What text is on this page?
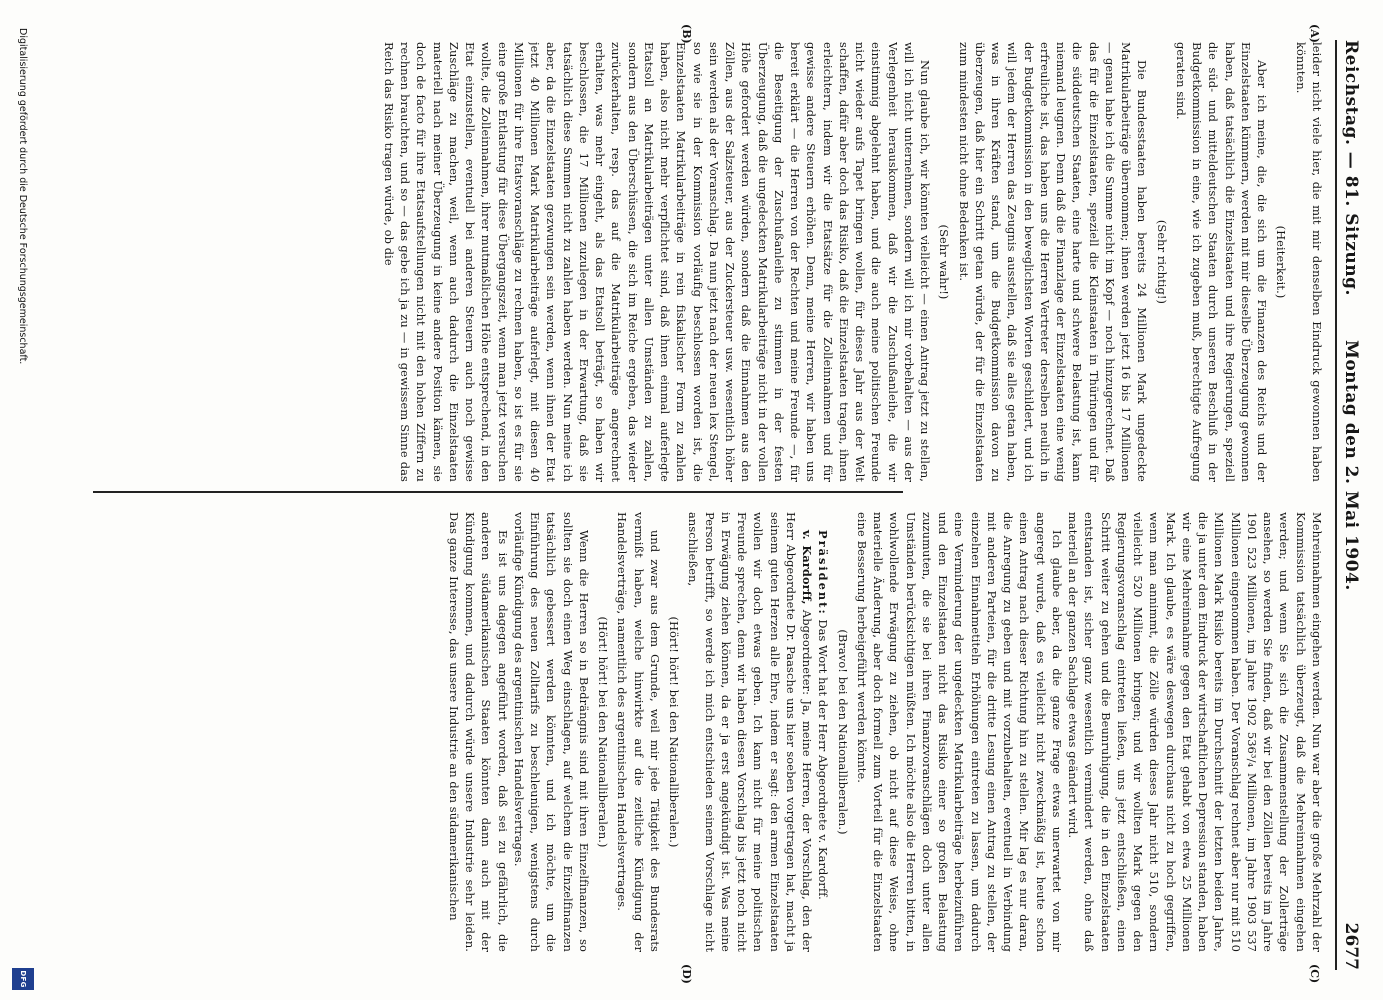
Reichstag. — 81. Sitzung.
Montag den 2. Mai 1904.
2677
(A)
(B)
(C)
(D)

leider nicht viele hier, die mit mir denselben Eindruck gewonnen haben könnten.

(Heiterkeit.)

Aber ich meine, die, die sich um die Finanzen des Reichs und der Einzelstaaten kümmern, werden mit mir dieselbe Überzeugung gewonnen haben, daß tatsächlich die Einzelstaaten und ihre Regierungen, speziell die süd- und mitteldeutschen Staaten durch unseren Beschluß in der Budgetkommission in eine, wie ich zugeben muß, berechtigte Aufregung geraten sind.

(Sehr richtig!)

Die Bundesstaaten haben bereits 24 Millionen Mark ungedeckte Matrikularbeiträge übernommen; ihnen werden jetzt 16 bis 17 Millionen — genau habe ich die Summe nicht im Kopf — noch hinzugerechnet. Daß das für die Einzelstaaten, speziell die Kleinstaaten in Thüringen und für die süddeutschen Staaten, eine harte und schwere Belastung ist, kann niemand leugnen. Denn daß die Finanzlage der Einzelstaaten eine wenig erfreuliche ist, das haben uns die Herren Vertreter derselben neulich in der Budgetkommission in den beweglichsten Worten geschildert, und ich will jedem der Herren das Zeugnis ausstellen, daß sie alles getan haben, was in ihren Kräften stand, um die Budgetkommission davon zu überzeugen, daß hier ein Schritt getan würde, der für die Einzelstaaten zum mindesten nicht ohne Bedenken ist.

(Sehr wahr!)

Nun glaube ich, wir könnten vielleicht — einen Antrag jetzt zu stellen, will ich nicht unternehmen, sondern will ich mir vorbehalten — aus der Verlegenheit herauskommen, daß wir die Zuschußanleihe, die wir einstimmig abgelehnt haben, und die auch meine politischen Freunde nicht wieder aufs Tapet bringen wollen, für dieses Jahr aus der Welt schaffen, dafür aber doch das Risiko, daß die Einzelstaaten tragen, ihnen erleichtern, indem wir die Etatsätze für die Zolleinnahmen und für gewisse andere Steuern erhöhen. Denn, meine Herren, wir haben uns bereit erklärt — die Herren von der Rechten und meine Freunde —, für die Beseitigung der Zuschußanleihe zu stimmen in der festen Überzeugung, daß die ungedeckten Matrikularbeiträge nicht in der vollen Höhe gefordert werden würden, sondern daß die Einnahmen aus den Zöllen, aus der Salzsteuer, aus der Zuckersteuer usw. wesentlich höher sein werden als der Voranschlag. Da nun jetzt nach der neuen lex Stengel, so wie sie in der Kommission vorläufig beschlossen worden ist, die Einzelstaaten Matrikularbeiträge in rein fiskalischer Form zu zahlen haben, also nicht mehr verpflichtet sind, daß ihnen einmal auferlegte Etatsoll an Matrikularbeiträgen unter allen Umständen zu zahlen, sondern aus den Überschüssen, die sich im Reiche ergeben, das wieder zurückerhalten, resp. das auf die Matrikularbeiträge angerechnet erhalten, was mehr eingeht, als das Etatsoll beträgt, so haben wir beschlossen, die 17 Millionen zuzulegen in der Erwartung, daß sie tatsächlich diese Summen nicht zu zahlen haben werden. Nun meine ich aber, da die Einzelstaaten gezwungen sein werden, wenn ihnen der Etat jetzt 40 Millionen Mark Matrikularbeiträge auferlegt, mit diesen 40 Millionen für ihre Etatsvoranschläge zu rechnen haben, so ist es für sie eine große Entlastung für diese Übergangszeit, wenn man jetzt versuchen wollte, die Zolleinnahmen, ihrer mutmaßlichen Höhe entsprechend, in den Etat einzustellen, eventuell bei anderen Steuern auch noch gewisse Zuschläge zu machen, weil, wenn auch dadurch die Einzelstaaten materiell nach meiner Überzeugung in keine andere Position kämen, sie doch de facto für ihre Etatsaufstellungen nicht mit den hohen Ziffern zu rechnen brauchten, und so — das gebe ich ja zu — in gewissem Sinne das Reich das Risiko tragen würde, ob die

Mehreinnahmen eingehen werden. Nun war aber die große Mehrzahl der Kommission tatsächlich überzeugt, daß die Mehreinnahmen eingehen werden; und wenn Sie sich die Zusammenstellung der Zollerträge ansehen, so werden Sie finden, daß wir bei den Zöllen bereits im Jahre 1901 523 Millionen, im Jahre 1902 536³/₄ Millionen, im Jahre 1903 537 Millionen eingenommen haben. Der Voranschlag rechnet aber nur mit 510 Millionen Mark Risiko bereits im Durchschnitt der letzten beiden Jahre, die ja unter dem Eindruck der wirtschaftlichen Depression standen, haben wir eine Mehreinnahme gegen den Etat gehabt von etwa 25 Millionen Mark. Ich glaube, es wäre deswegen durchaus nicht zu hoch gegriffen, wenn man annimmt, die Zölle würden dieses Jahr nicht 510, sondern vielleicht 520 Millionen bringen; und wir wollten Mark gegen den Regierungsvoranschlag eintreten ließen, uns jetzt entschließen, einen Schritt weiter zu gehen und die Beunruhigung, die in den Einzelstaaten entstanden ist, sicher ganz wesentlich vermindert werden, ohne daß materiell an der ganzen Sachlage etwas geändert wird.

Ich glaube aber, da die ganze Frage etwas unerwartet von mir angeregt wurde, daß es vielleicht nicht zweckmäßig ist, heute schon einen Antrag nach dieser Richtung hin zu stellen. Mir lag es nur daran, die Anregung zu geben und mit vorzubehalten, eventuell in Verbindung mit anderen Parteien, für die dritte Lesung einen Antrag zu stellen, der einzelnen Einnahmetiteln Erhöhungen eintreten zu lassen, um dadurch eine Verminderung der ungedeckten Matrikularbeiträge herbeizuführen und den Einzelstaaten nicht das Risiko einer so großen Belastung zuzumuten, die sie bei ihren Finanzvoranschlägen doch unter allen Umständen berücksichtigen müßten. Ich möchte also die Herren bitten, in wohlwollende Erwägung zu ziehen, ob nicht auf diese Weise, ohne materielle Änderung, aber doch formell zum Vorteil für die Einzelstaaten eine Besserung herbeigeführt werden könnte.

(Bravo! bei den Nationalliberalen.)

Präsident: Das Wort hat der Herr Abgeordnete v. Kardorff.

v. Kardorff, Abgeordneter: Ja, meine Herren, der Vorschlag, den der Herr Abgeordnete Dr. Paasche uns hier soeben vorgetragen hat, macht ja seinem guten Herzen alle Ehre, indem er sagt: den armen Einzelstaaten wollen wir doch etwas geben. Ich kann nicht für meine politischen Freunde sprechen, denn wir haben diesen Vorschlag bis jetzt noch nicht in Erwägung ziehen können, da er ja erst angekündigt ist. Was meine Person betrifft, so werde ich mich entschieden seinem Vorschlage nicht anschließen,

(Hört! hört! bei den Nationalliberalen.)

und zwar aus dem Grunde, weil mir jede Tätigkeit des Bundesrats vermißt haben, welche hinwirkte auf die zeitliche Kündigung der Handelsverträge, namentlich des argentinischen Handelsvertrages.

(Hört! hört! bei den Nationalliberalen.)

Wenn die Herren so in Bedrängnis sind mit ihren Einzelfinanzen, so sollten sie doch einen Weg einschlagen, auf welchem die Einzelfinanzen tatsächlich gebessert werden könnten, und ich möchte, um die Einführung des neuen Zolltarifs zu beschleunigen, wenigstens durch vorläufige Kündigung des argentinischen Handelsvertrages.

Es ist uns dagegen angeführt worden, daß sei zu gefährlich, die anderen südamerikanischen Staaten könnten dann auch mit der Kündigung kommen, und dadurch würde unsere Industrie sehr leiden. Das ganze Interesse, das unsere Industrie an den südamerikanischen

Digitalisierung gefördert durch die Deutsche Forschungsgemeinschaft.
DFG
